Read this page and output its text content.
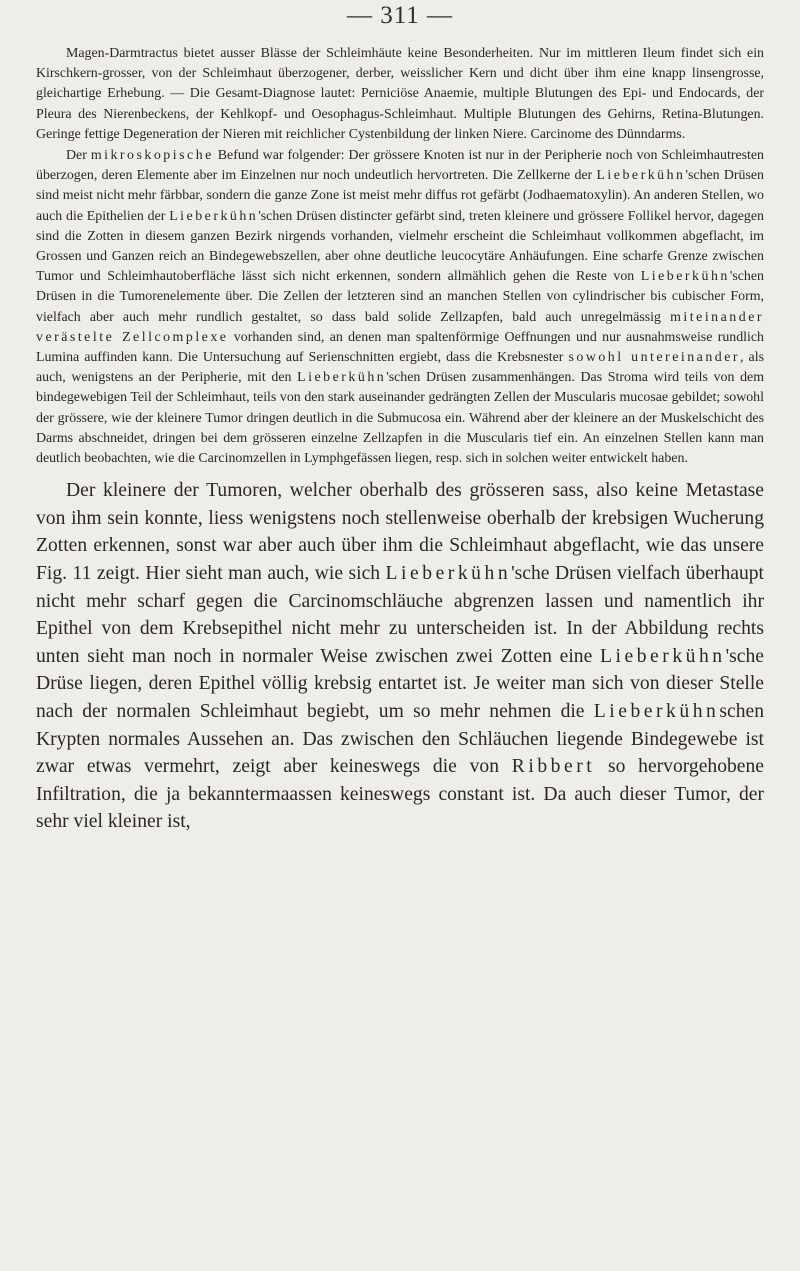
— 311 —

Magen-Darmtractus bietet ausser Blässe der Schleimhäute keine Besonderheiten. Nur im mittleren Ileum findet sich ein Kirschkern-grosser, von der Schleimhaut überzogener, derber, weisslicher Kern und dicht über ihm eine knapp linsengrosse, gleichartige Erhebung. — Die Gesamt-Diagnose lautet: Perniciöse Anaemie, multiple Blutungen des Epi- und Endocards, der Pleura des Nierenbeckens, der Kehlkopf- und Oesophagus-Schleimhaut. Multiple Blutungen des Gehirns, Retina-Blutungen. Geringe fettige Degeneration der Nieren mit reichlicher Cystenbildung der linken Niere. Carcinome des Dünndarms.

Der mikroskopische Befund war folgender: Der grössere Knoten ist nur in der Peripherie noch von Schleimhautresten überzogen, deren Elemente aber im Einzelnen nur noch undeutlich hervortreten. Die Zellkerne der Lieberkühn'schen Drüsen sind meist nicht mehr färbbar, sondern die ganze Zone ist meist mehr diffus rot gefärbt (Jodhaematoxylin). An anderen Stellen, wo auch die Epithelien der Lieberkühn'schen Drüsen distincter gefärbt sind, treten kleinere und grössere Follikel hervor, dagegen sind die Zotten in diesem ganzen Bezirk nirgends vorhanden, vielmehr erscheint die Schleimhaut vollkommen abgeflacht, im Grossen und Ganzen reich an Bindegewebszellen, aber ohne deutliche leucocytäre Anhäufungen. Eine scharfe Grenze zwischen Tumor und Schleimhautoberfläche lässt sich nicht erkennen, sondern allmählich gehen die Reste von Lieberkühn'schen Drüsen in die Tumorenelemente über. Die Zellen der letzteren sind an manchen Stellen von cylindrischer bis cubischer Form, vielfach aber auch mehr rundlich gestaltet, so dass bald solide Zellzapfen, bald auch unregelmässig miteinander verästelte Zellcomplexe vorhanden sind, an denen man spaltenförmige Oeffnungen und nur ausnahmsweise rundlich Lumina auffinden kann. Die Untersuchung auf Serienschnitten ergiebt, dass die Krebsnester sowohl untereinander, als auch, wenigstens an der Peripherie, mit den Lieberkühn'schen Drüsen zusammenhängen. Das Stroma wird teils von dem bindegewebigen Teil der Schleimhaut, teils von den stark auseinander gedrängten Zellen der Muscularis mucosae gebildet; sowohl der grössere, wie der kleinere Tumor dringen deutlich in die Submucosa ein. Während aber der kleinere an der Muskelschicht des Darms abschneidet, dringen bei dem grösseren einzelne Zellzapfen in die Muscularis tief ein. An einzelnen Stellen kann man deutlich beobachten, wie die Carcinomzellen in Lymphgefässen liegen, resp. sich in solchen weiter entwickelt haben.

Der kleinere der Tumoren, welcher oberhalb des grösseren sass, also keine Metastase von ihm sein konnte, liess wenigstens noch stellenweise oberhalb der krebsigen Wucherung Zotten erkennen, sonst war aber auch über ihm die Schleimhaut abgeflacht, wie das unsere Fig. 11 zeigt. Hier sieht man auch, wie sich Lieberkühn'sche Drüsen vielfach überhaupt nicht mehr scharf gegen die Carcinomschläuche abgrenzen lassen und namentlich ihr Epithel von dem Krebsepithel nicht mehr zu unterscheiden ist. In der Abbildung rechts unten sieht man noch in normaler Weise zwischen zwei Zotten eine Lieberkühn'sche Drüse liegen, deren Epithel völlig krebsig entartet ist. Je weiter man sich von dieser Stelle nach der normalen Schleimhaut begiebt, um so mehr nehmen die Lieberkühnschen Krypten normales Aussehen an. Das zwischen den Schläuchen liegende Bindegewebe ist zwar etwas vermehrt, zeigt aber keineswegs die von Ribbert so hervorgehobene Infiltration, die ja bekanntermaassen keineswegs constant ist. Da auch dieser Tumor, der sehr viel kleiner ist,
